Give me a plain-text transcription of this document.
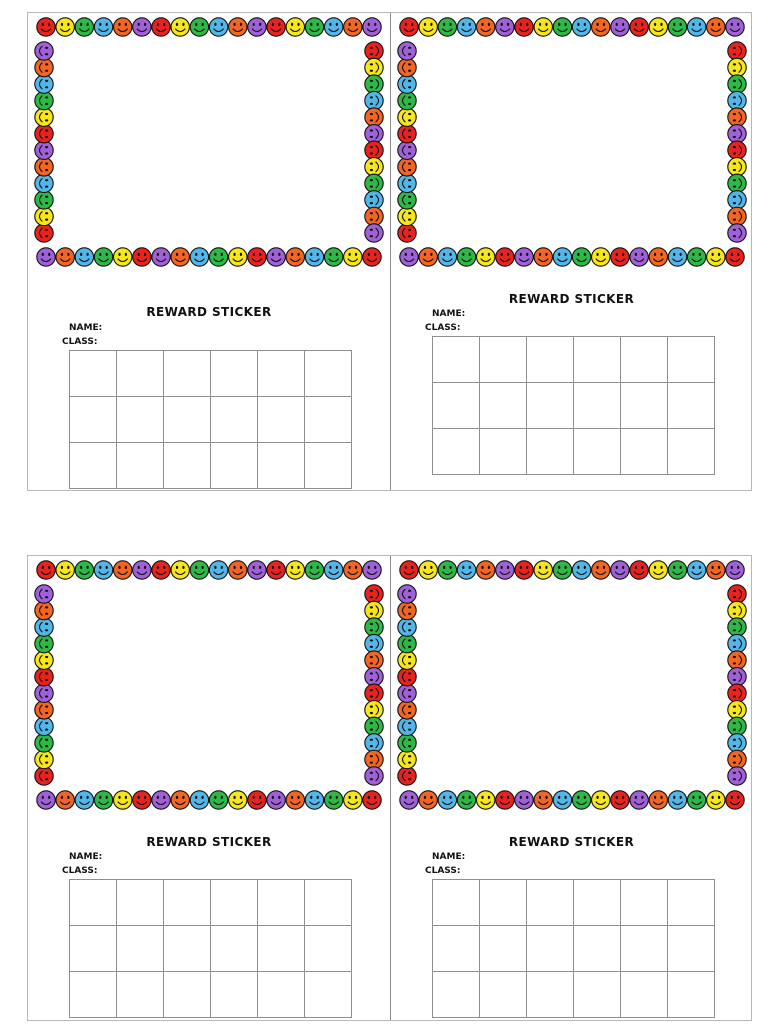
REWARD STICKER
NAME:
CLASS:

REWARD STICKER
NAME:
CLASS:

REWARD STICKER
NAME:
CLASS:

REWARD STICKER
NAME:
CLASS:
